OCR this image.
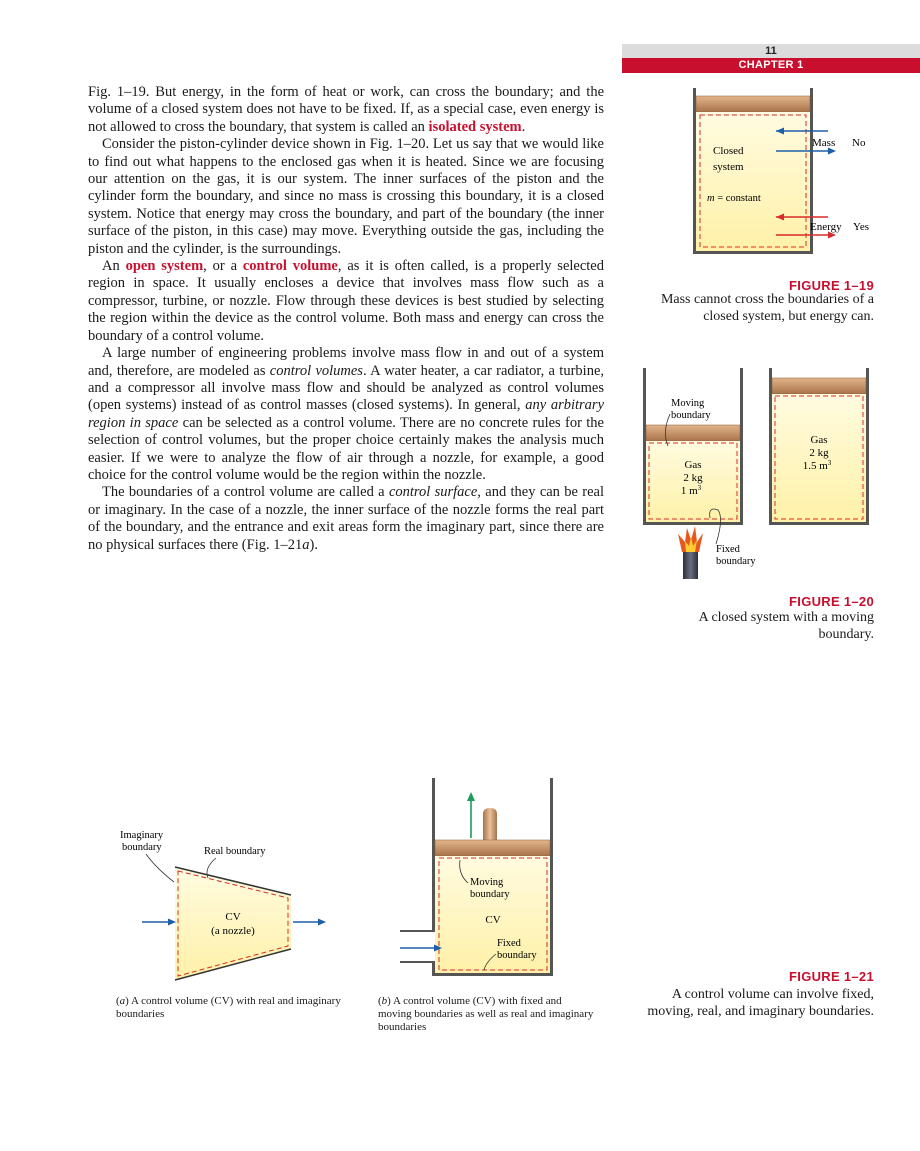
11
CHAPTER 1

Fig. 1–19. But energy, in the form of heat or work, can cross the boundary; and the volume of a closed system does not have to be fixed. If, as a special case, even energy is not allowed to cross the boundary, that system is called an isolated system.

Consider the piston-cylinder device shown in Fig. 1–20. Let us say that we would like to find out what happens to the enclosed gas when it is heated. Since we are focusing our attention on the gas, it is our system. The inner surfaces of the piston and the cylinder form the boundary, and since no mass is crossing this boundary, it is a closed system. Notice that energy may cross the boundary, and part of the boundary (the inner surface of the piston, in this case) may move. Everything outside the gas, including the piston and the cylinder, is the surroundings.

An open system, or a control volume, as it is often called, is a properly selected region in space. It usually encloses a device that involves mass flow such as a compressor, turbine, or nozzle. Flow through these devices is best studied by selecting the region within the device as the control volume. Both mass and energy can cross the boundary of a control volume.

A large number of engineering problems involve mass flow in and out of a system and, therefore, are modeled as control volumes. A water heater, a car radiator, a turbine, and a compressor all involve mass flow and should be analyzed as control volumes (open systems) instead of as control masses (closed systems). In general, any arbitrary region in space can be selected as a control volume. There are no concrete rules for the selection of control volumes, but the proper choice certainly makes the analysis much easier. If we were to analyze the flow of air through a nozzle, for example, a good choice for the control volume would be the region within the nozzle.

The boundaries of a control volume are called a control surface, and they can be real or imaginary. In the case of a nozzle, the inner surface of the nozzle forms the real part of the boundary, and the entrance and exit areas form the imaginary part, since there are no physical surfaces there (Fig. 1–21a).

Closed
system
m = constant
Mass No
Energy Yes
FIGURE 1–19
Mass cannot cross the boundaries of a closed system, but energy can.
Moving
boundary
Gas
2 kg
1 $m^3$
Fixed
boundary
Gas
2 kg
1.5 $m^3$
FIGURE 1–20
A closed system with a moving boundary.
CV
(a nozzle)
Imaginary
boundary	Real boundary
(a) A control volume (CV) with real and imaginary boundaries
Moving
boundary
CV
Fixed
boundary
(b) A control volume (CV) with fixed and moving boundaries as well as real and imaginary boundaries
FIGURE 1–21
A control volume can involve fixed, moving, real, and imaginary boundaries.
